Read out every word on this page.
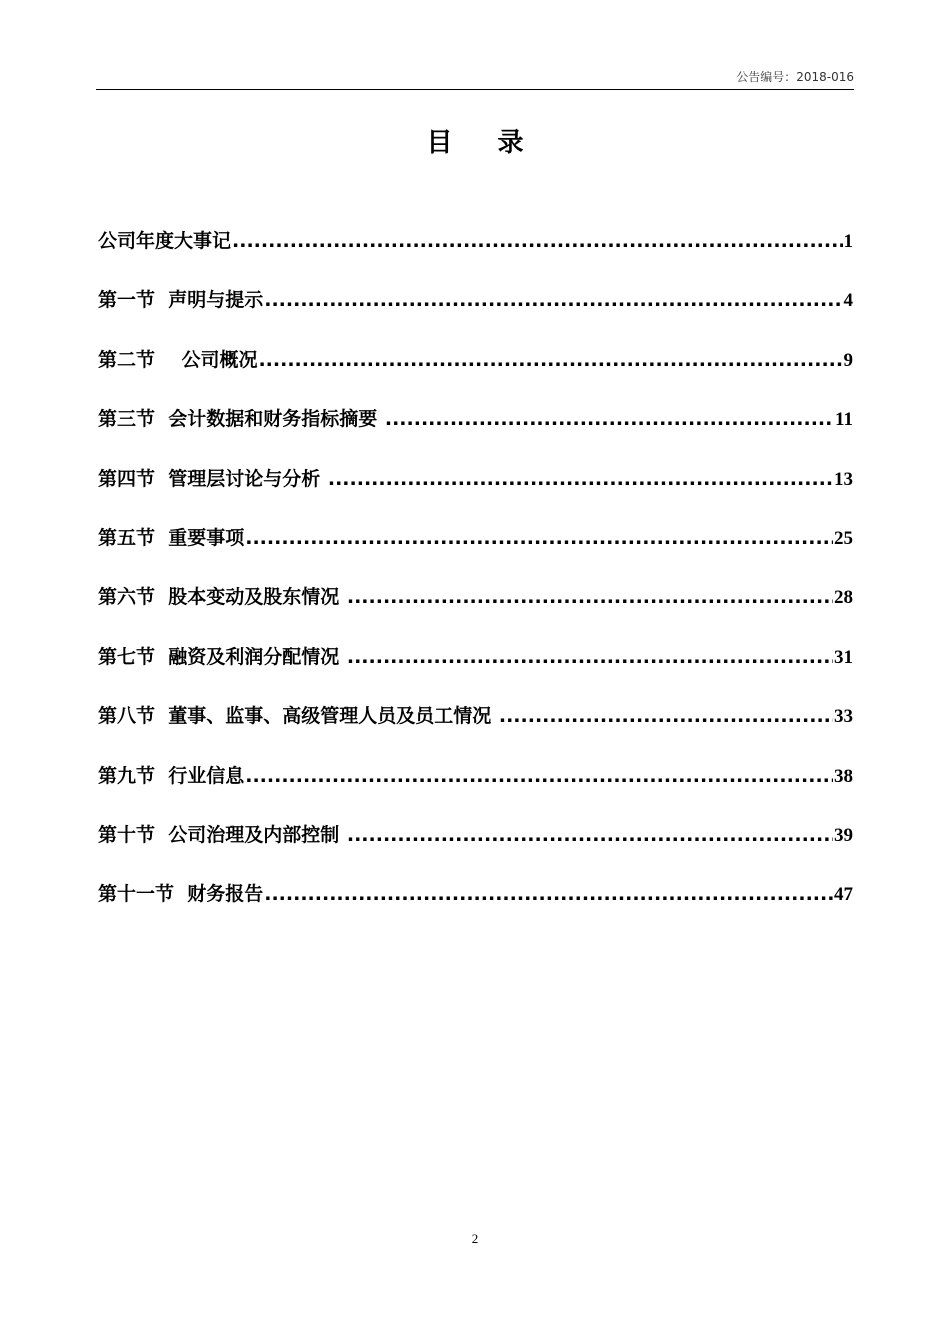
公告编号：2018-016
目 录
公司年度大事记 .....	1
第一节  声明与提示 .....	4
第二节    公司概况 .....	9
第三节  会计数据和财务指标摘要 .....	11
第四节  管理层讨论与分析 .....	13
第五节  重要事项 .....	25
第六节  股本变动及股东情况 .....	28
第七节  融资及利润分配情况 .....	31
第八节  董事、监事、高级管理人员及员工情况 .....	33
第九节  行业信息 .....	38
第十节  公司治理及内部控制 .....	39
第十一节  财务报告 .....	47
2
